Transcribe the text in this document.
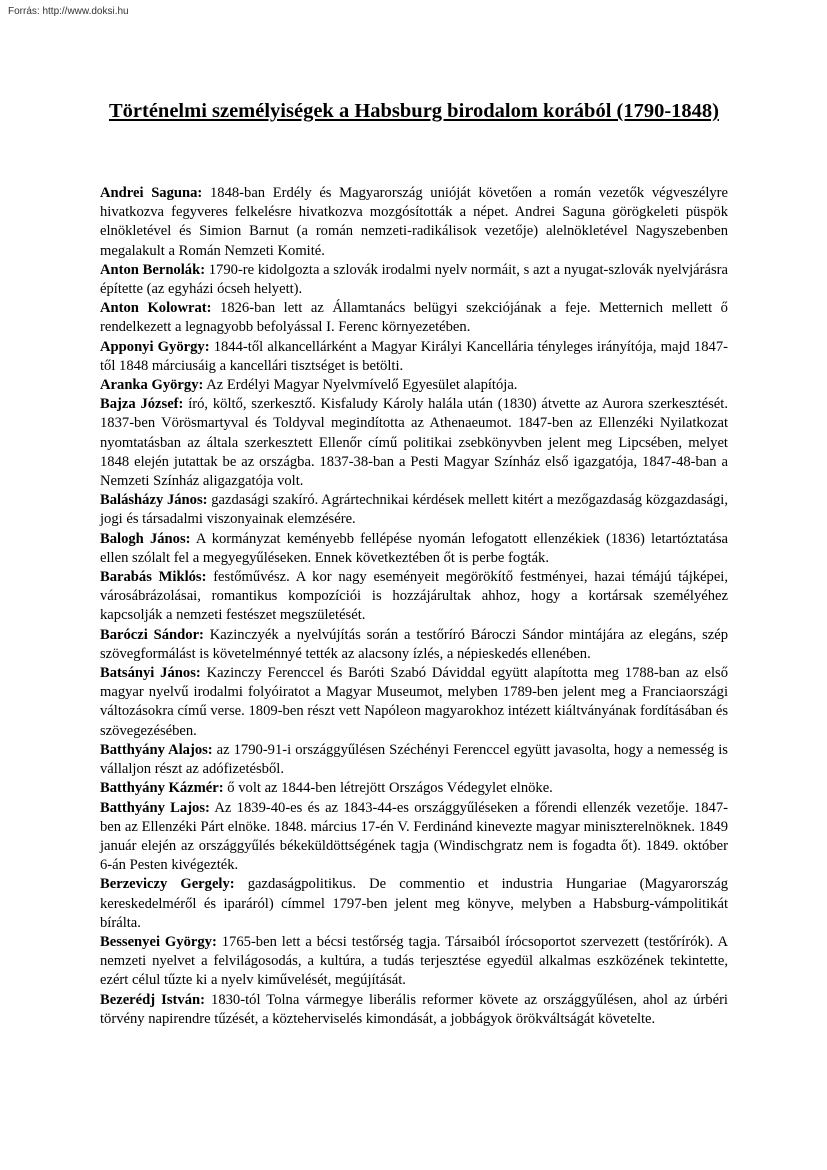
Forrás: http://www.doksi.hu
Történelmi személyiségek a Habsburg birodalom korából (1790-1848)

Andrei Saguna: 1848-ban Erdély és Magyarország unióját követően a román vezetők végveszélyre hivatkozva fegyveres felkelésre hivatkozva mozgósították a népet. Andrei Saguna görögkeleti püspök elnökletével és Simion Barnut (a román nemzeti-radikálisok vezetője) alelnökletével Nagyszebenben megalakult a Román Nemzeti Komité.

Anton Bernolák: 1790-re kidolgozta a szlovák irodalmi nyelv normáit, s azt a nyugat-szlovák nyelvjárásra építette (az egyházi ócseh helyett).

Anton Kolowrat: 1826-ban lett az Államtanács belügyi szekciójának a feje. Metternich mellett ő rendelkezett a legnagyobb befolyással I. Ferenc környezetében.

Apponyi György: 1844-től alkancellárként a Magyar Királyi Kancellária tényleges irányítója, majd 1847-től 1848 márciusáig a kancellári tisztséget is betölti.

Aranka György: Az Erdélyi Magyar Nyelvmívelő Egyesület alapítója.

Bajza József: író, költő, szerkesztő. Kisfaludy Károly halála után (1830) átvette az Aurora szerkesztését. 1837-ben Vörösmartyval és Toldyval megindította az Athenaeumot. 1847-ben az Ellenzéki Nyilatkozat nyomtatásban az általa szerkesztett Ellenőr című politikai zsebkönyvben jelent meg Lipcsében, melyet 1848 elején jutattak be az országba. 1837-38-ban a Pesti Magyar Színház első igazgatója, 1847-48-ban a Nemzeti Színház aligazgatója volt.

Balásházy János: gazdasági szakíró. Agrártechnikai kérdések mellett kitért a mezőgazdaság közgazdasági, jogi és társadalmi viszonyainak elemzésére.

Balogh János: A kormányzat keményebb fellépése nyomán lefogatott ellenzékiek (1836) letartóztatása ellen szólalt fel a megyegyűléseken. Ennek következtében őt is perbe fogták.

Barabás Miklós: festőművész. A kor nagy eseményeit megörökítő festményei, hazai témájú tájképei, városábrázolásai, romantikus kompozíciói is hozzájárultak ahhoz, hogy a kortársak személyéhez kapcsolják a nemzeti festészet megszületését.

Baróczi Sándor: Kazinczyék a nyelvújítás során a testőríró Bároczi Sándor mintájára az elegáns, szép szövegformálást is követelménnyé tették az alacsony ízlés, a népieskedés ellenében.

Batsányi János: Kazinczy Ferenccel és Baróti Szabó Dáviddal együtt alapította meg 1788-ban az első magyar nyelvű irodalmi folyóiratot a Magyar Museumot, melyben 1789-ben jelent meg a Franciaországi változásokra című verse. 1809-ben részt vett Napóleon magyarokhoz intézett kiáltványának fordításában és szövegezésében.

Batthyány Alajos: az 1790-91-i országgyűlésen Széchényi Ferenccel együtt javasolta, hogy a nemesség is vállaljon részt az adófizetésből.

Batthyány Kázmér: ő volt az 1844-ben létrejött Országos Védegylet elnöke.

Batthyány Lajos: Az 1839-40-es és az 1843-44-es országgyűléseken a főrendi ellenzék vezetője. 1847-ben az Ellenzéki Párt elnöke. 1848. március 17-én V. Ferdinánd kinevezte magyar miniszterelnöknek. 1849 január elején az országgyűlés békeküldöttségének tagja (Windischgratz nem is fogadta őt). 1849. október 6-án Pesten kivégezték.

Berzeviczy Gergely: gazdaságpolitikus. De commentio et industria Hungariae (Magyarország kereskedelméről és iparáról) címmel 1797-ben jelent meg könyve, melyben a Habsburg-vámpolitikát bírálta.

Bessenyei György: 1765-ben lett a bécsi testőrség tagja. Társaiból írócsoportot szervezett (testőrírók). A nemzeti nyelvet a felvilágosodás, a kultúra, a tudás terjesztése egyedül alkalmas eszközének tekintette, ezért célul tűzte ki a nyelv kiművelését, megújítását.

Bezerédj István: 1830-tól Tolna vármegye liberális reformer követe az országgyűlésen, ahol az úrbéri törvény napirendre tűzését, a közteherviselés kimondását, a jobbágyok örökváltságát követelte.
